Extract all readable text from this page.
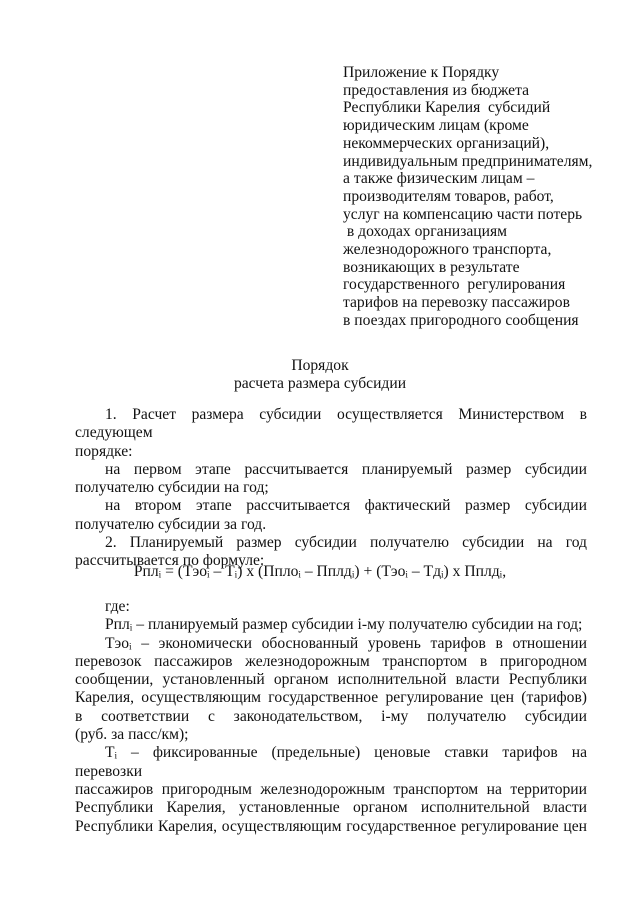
Приложение к Порядку
предоставления из бюджета
Республики Карелия  субсидий
юридическим лицам (кроме
некоммерческих организаций),
индивидуальным предпринимателям,
а также физическим лицам –
производителям товаров, работ,
услуг на компенсацию части потерь
в доходах организациям
железнодорожного транспорта,
возникающих в результате
государственного  регулирования
тарифов на перевозку пассажиров
в поездах пригородного сообщения
Порядок
расчета размера субсидии

1. Расчет размера субсидии осуществляется Министерством в следующем

порядке:

на первом этапе рассчитывается планируемый размер субсидии

получателю субсидии на год;

на втором этапе рассчитывается фактический размер субсидии

получателю субсидии за год.

2. Планируемый размер субсидии получателю субсидии на год

рассчитывается по формуле:

Рплᵢ = (Тэоᵢ – Тᵢ) х (Пплоᵢ – Пплдᵢ) + (Тэоᵢ – Тдᵢ) х Пплдᵢ,

где:

Рплᵢ – планируемый размер субсидии i-му получателю субсидии на год;

Тэоᵢ – экономически обоснованный уровень тарифов в отношении

перевозок пассажиров железнодорожным транспортом в пригородном

сообщении, установленный органом исполнительной власти Республики

Карелия, осуществляющим государственное регулирование цен (тарифов)

в соответствии с законодательством, i-му получателю субсидии

(руб. за пасс/км);

Тᵢ – фиксированные (предельные) ценовые ставки тарифов на перевозки

пассажиров пригородным железнодорожным транспортом на территории

Республики Карелия, установленные органом исполнительной власти

Республики Карелия, осуществляющим государственное регулирование цен
